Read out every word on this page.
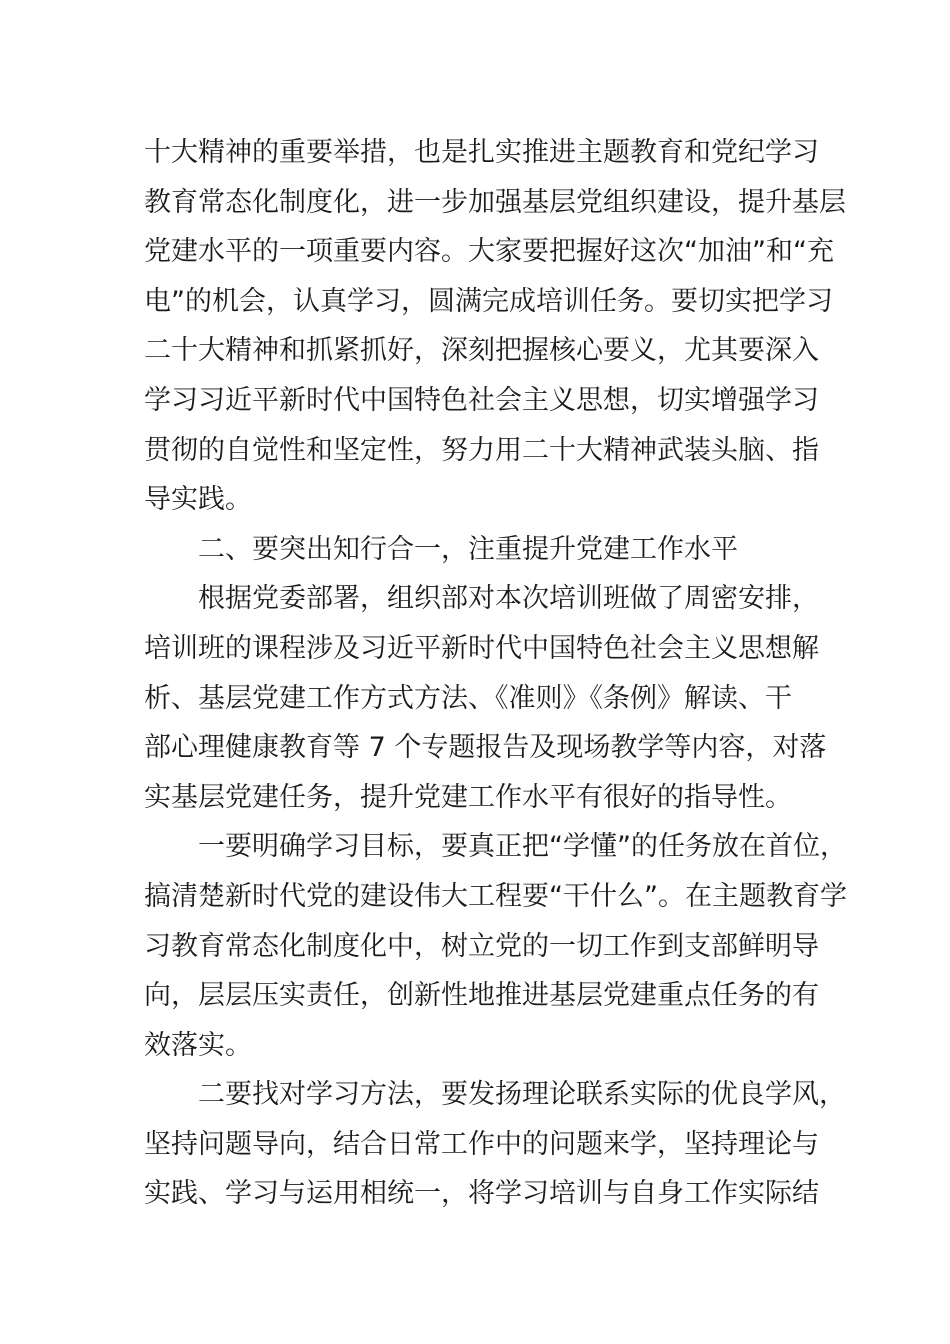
十大精神的重要举措，也是扎实推进主题教育和党纪学习
教育常态化制度化，进一步加强基层党组织建设，提升基层
党建水平的一项重要内容。大家要把握好这次“加油”和“充
电”的机会，认真学习，圆满完成培训任务。要切实把学习
二十大精神和抓紧抓好，深刻把握核心要义，尤其要深入
学习习近平新时代中国特色社会主义思想，切实增强学习
贯彻的自觉性和坚定性，努力用二十大精神武装头脑、指
导实践。
二、要突出知行合一，注重提升党建工作水平
根据党委部署，组织部对本次培训班做了周密安排，
培训班的课程涉及习近平新时代中国特色社会主义思想解
析、基层党建工作方式方法、《准则》《条例》解读、干
部心理健康教育等 7 个专题报告及现场教学等内容，对落
实基层党建任务，提升党建工作水平有很好的指导性。
一要明确学习目标，要真正把“学懂”的任务放在首位，
搞清楚新时代党的建设伟大工程要“干什么”。在主题教育学
习教育常态化制度化中，树立党的一切工作到支部鲜明导
向，层层压实责任，创新性地推进基层党建重点任务的有
效落实。
二要找对学习方法，要发扬理论联系实际的优良学风，
坚持问题导向，结合日常工作中的问题来学，坚持理论与
实践、学习与运用相统一，将学习培训与自身工作实际结
